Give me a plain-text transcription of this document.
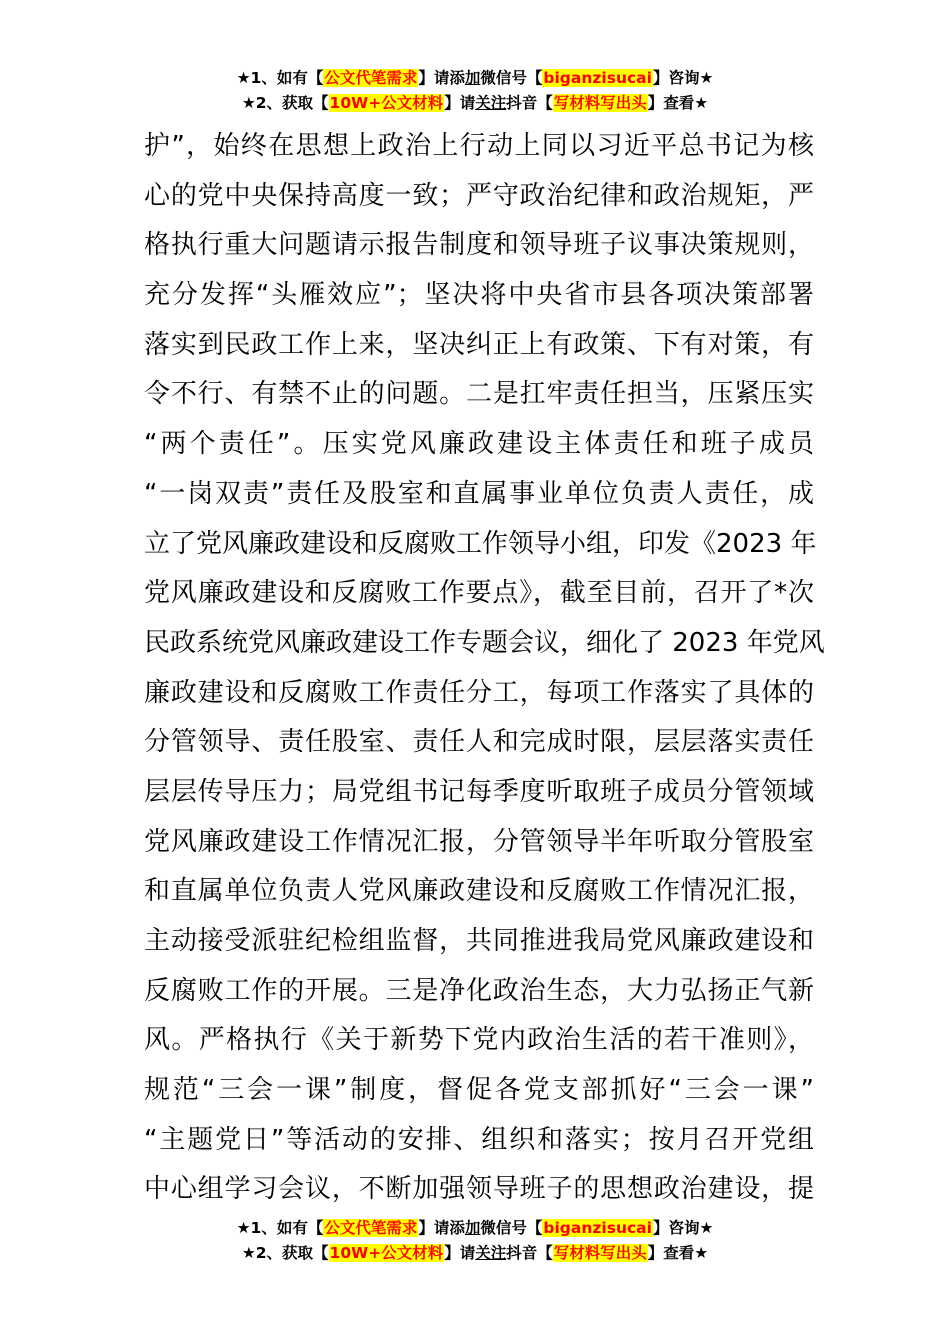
★1、如有【公文代笔需求】请添加微信号【biganzisucai】咨询★
★2、获取【10W+公文材料】请关注抖音【写材料写出头】查看★
护”，始终在思想上政治上行动上同以习近平总书记为核
心的党中央保持高度一致；严守政治纪律和政治规矩，严
格执行重大问题请示报告制度和领导班子议事决策规则，
充分发挥“头雁效应”；坚决将中央省市县各项决策部署
落实到民政工作上来，坚决纠正上有政策、下有对策，有
令不行、有禁不止的问题。二是扛牢责任担当，压紧压实
“两个责任”。压实党风廉政建设主体责任和班子成员
“一岗双责”责任及股室和直属事业单位负责人责任，成
立了党风廉政建设和反腐败工作领导小组，印发《2023 年
党风廉政建设和反腐败工作要点》，截至目前，召开了*次
民政系统党风廉政建设工作专题会议，细化了 2023 年党风
廉政建设和反腐败工作责任分工，每项工作落实了具体的
分管领导、责任股室、责任人和完成时限，层层落实责任
层层传导压力；局党组书记每季度听取班子成员分管领域
党风廉政建设工作情况汇报，分管领导半年听取分管股室
和直属单位负责人党风廉政建设和反腐败工作情况汇报，
主动接受派驻纪检组监督，共同推进我局党风廉政建设和
反腐败工作的开展。三是净化政治生态，大力弘扬正气新
风。严格执行《关于新势下党内政治生活的若干准则》，
规范“三会一课”制度，督促各党支部抓好“三会一课”
“主题党日”等活动的安排、组织和落实；按月召开党组
中心组学习会议，不断加强领导班子的思想政治建设，提
★1、如有【公文代笔需求】请添加微信号【biganzisucai】咨询★
★2、获取【10W+公文材料】请关注抖音【写材料写出头】查看★
